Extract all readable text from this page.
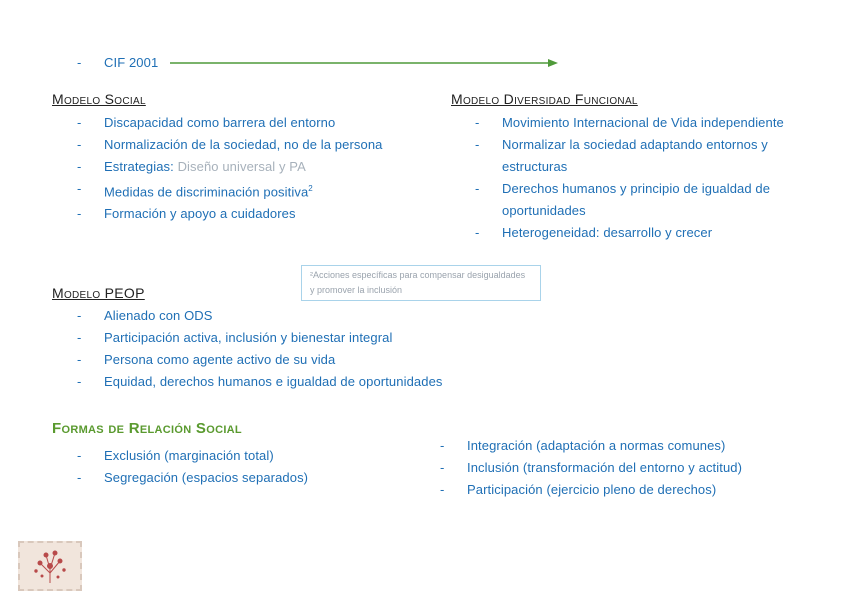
- CIF 2001
Modelo Social
- Discapacidad como barrera del entorno
- Normalización de la sociedad, no de la persona
- Estrategias: Diseño universal y PA
- Medidas de discriminación positiva$^2$
- Formación y apoyo a cuidadores
Modelo Diversidad Funcional
- Movimiento Internacional de Vida independiente
- Normalizar la sociedad adaptando entornos y estructuras
- Derechos humanos y principio de igualdad de oportunidades
- Heterogeneidad: desarrollo y crecer
²Acciones específicas para compensar desigualdades y promover la inclusión
Modelo PEOP
- Alienado con ODS
- Participación activa, inclusión y bienestar integral
- Persona como agente activo de su vida
- Equidad, derechos humanos e igualdad de oportunidades
Formas de Relación Social
- Exclusión (marginación total)
- Segregación (espacios separados)
- Integración (adaptación a normas comunes)
- Inclusión (transformación del entorno y actitud)
- Participación (ejercicio pleno de derechos)
